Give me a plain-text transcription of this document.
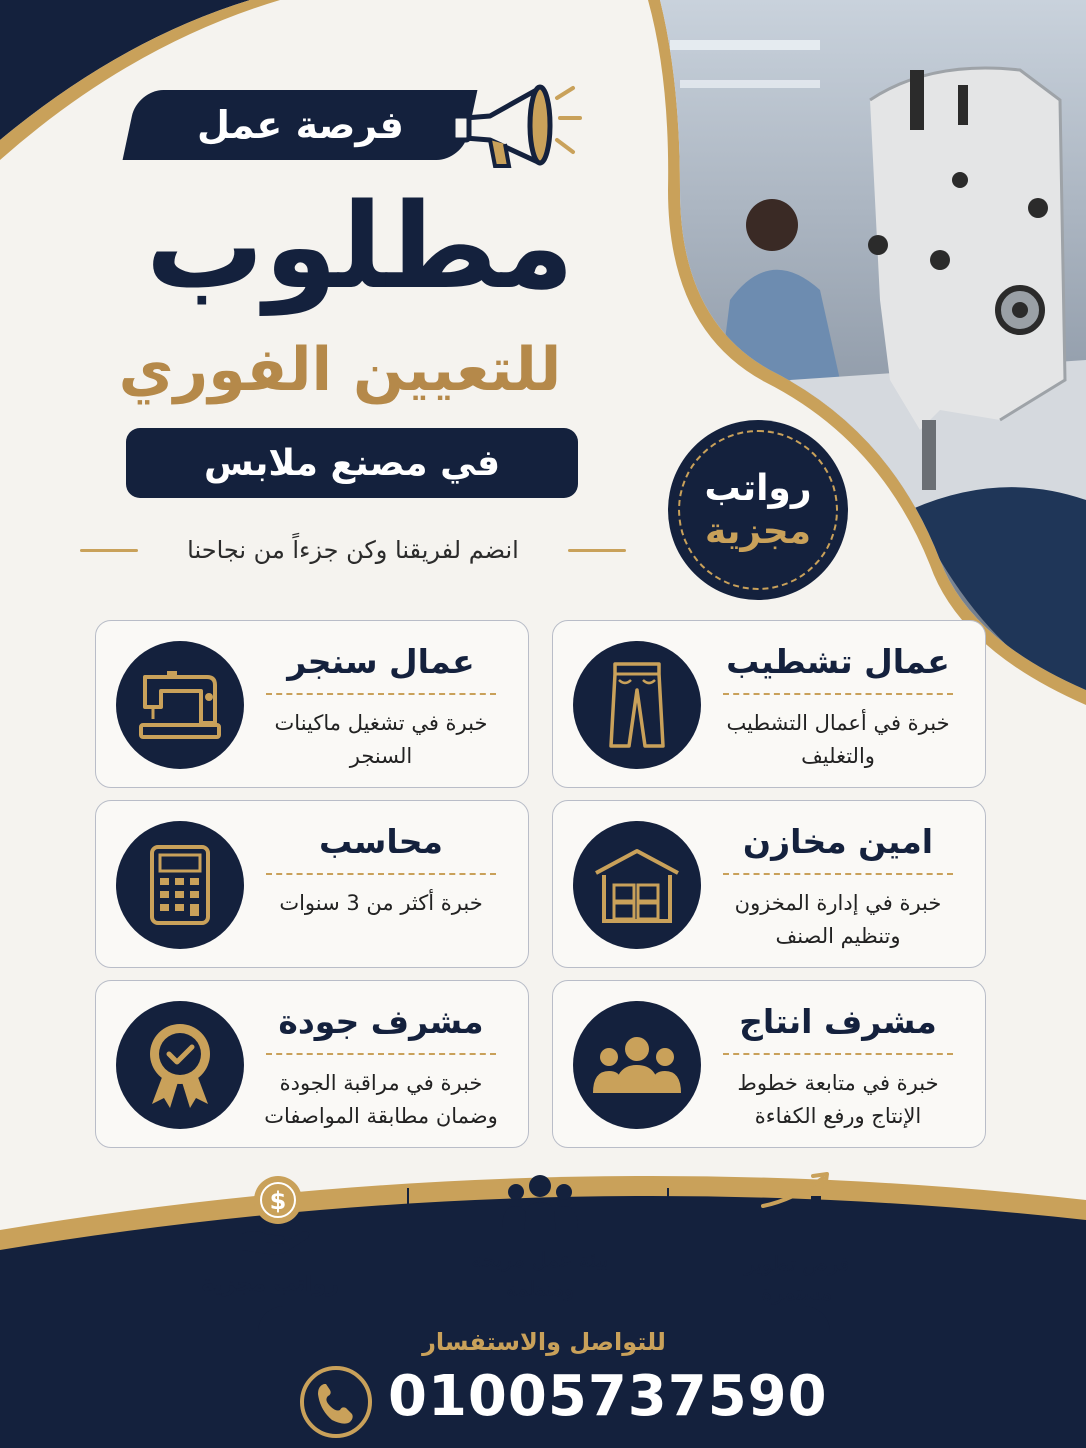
فرصة عمل
مطلوب
للتعيين الفوري
في مصنع ملابس
انضم لفريقنا وكن جزءاً من نجاحنا
رواتب
مجزية
عمال تشطيب
خبرة في أعمال التشطيب والتغليف
امين مخازن
خبرة في إدارة المخزون وتنظيم الصنف
مشرف انتاج
خبرة في متابعة خطوط الإنتاج ورفع الكفاءة
عمال سنجر
خبرة في تشغيل ماكينات السنجر
محاسب
خبرة أكثر من 3 سنوات
مشرف جودة
خبرة في مراقبة الجودة وضمان مطابقة المواصفات
فرص تطوير مستمرة
بيئة عمل مريحة ومنظمة
$
رواتب مجزية
للتواصل والاستفسار
01005737590
